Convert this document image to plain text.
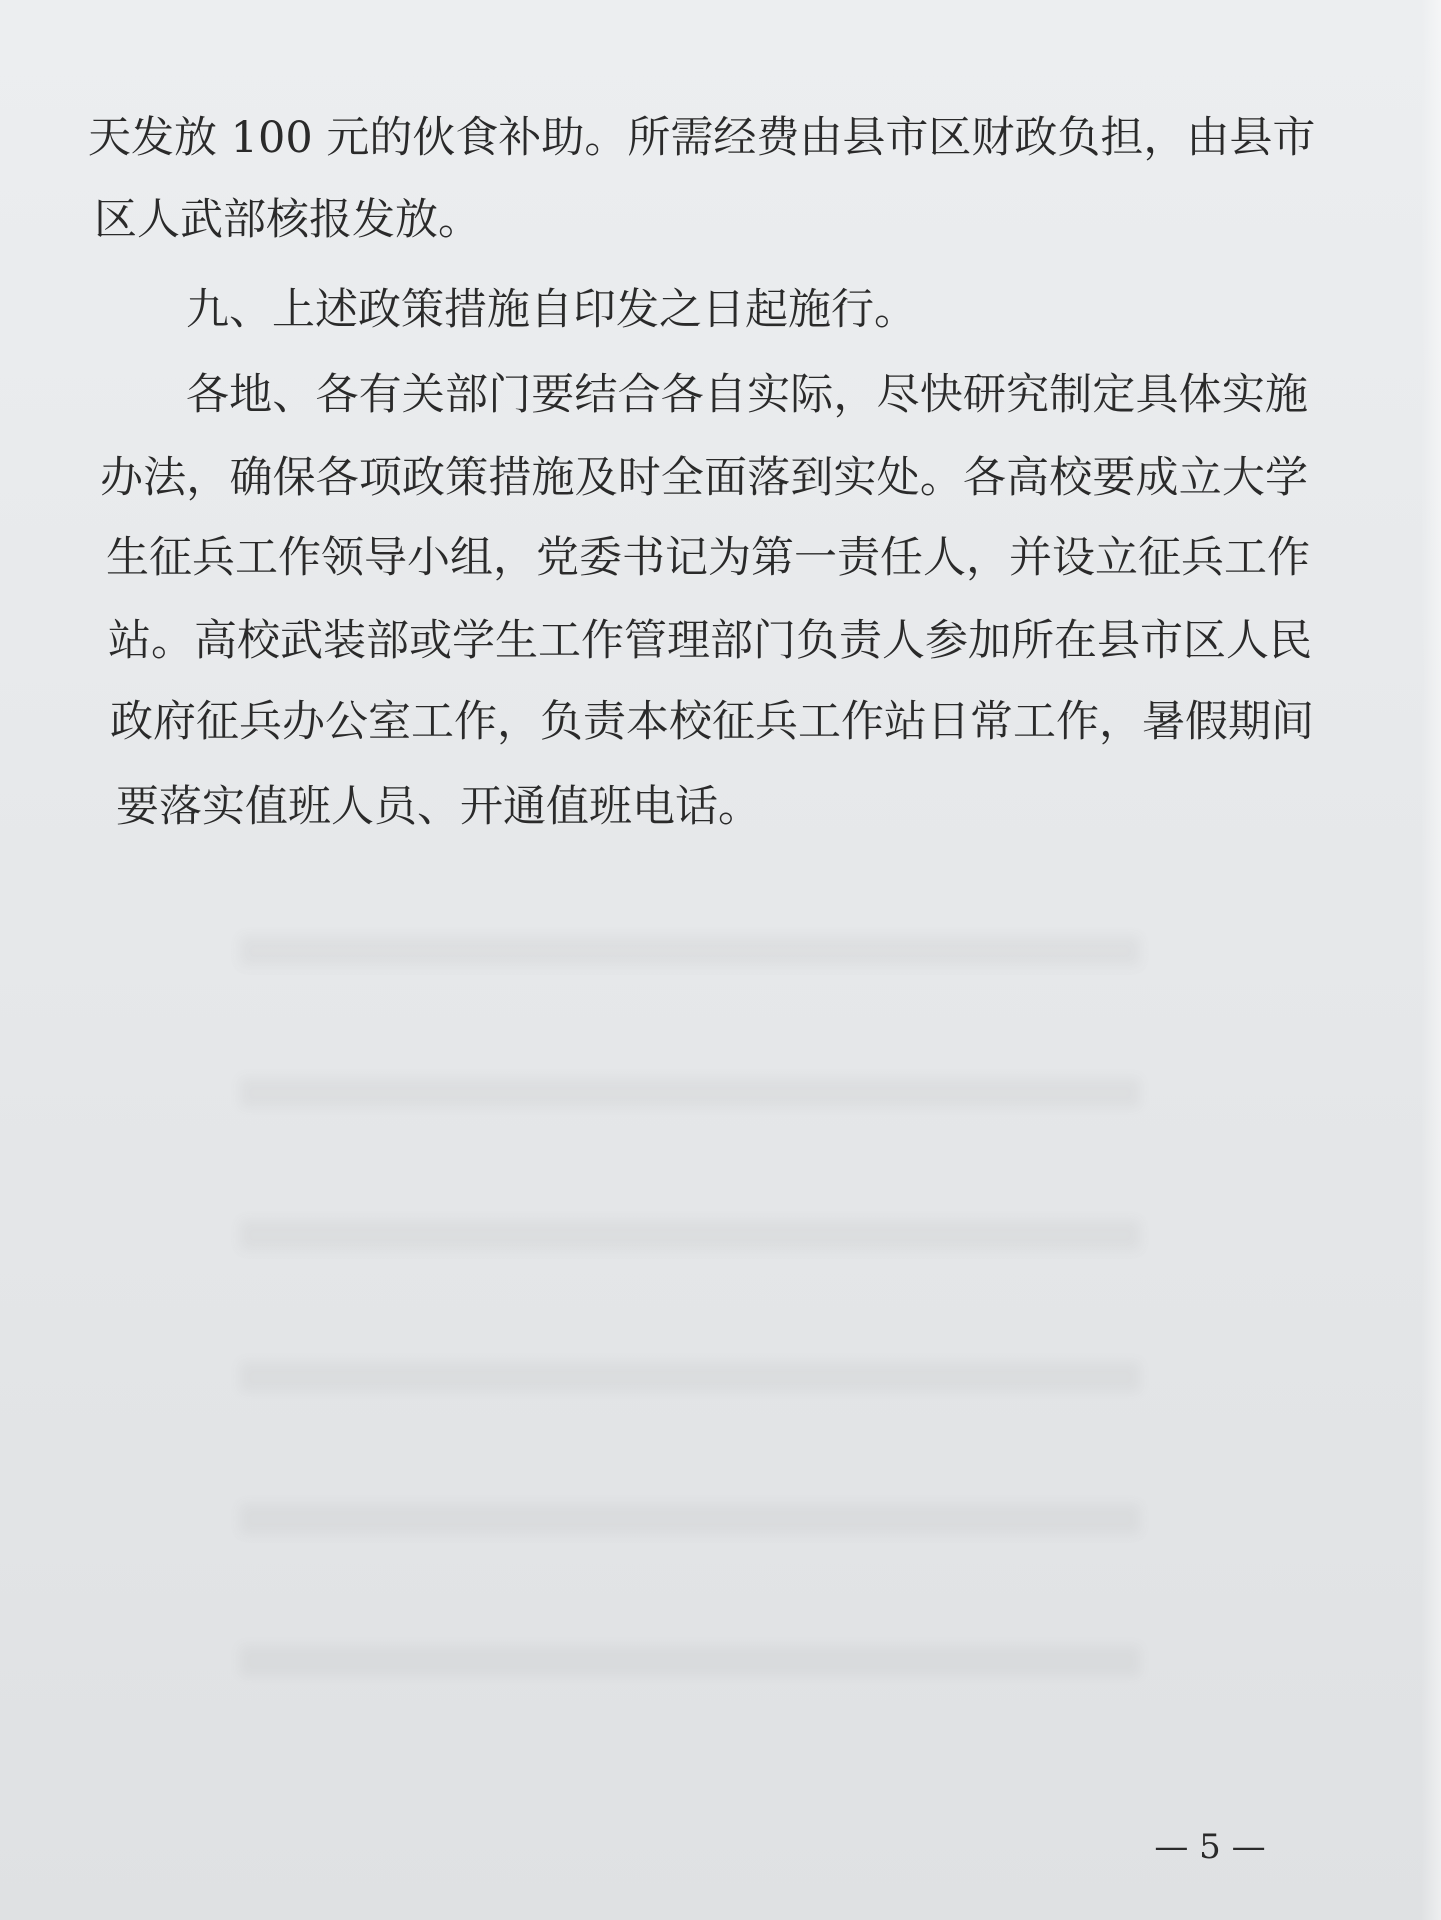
天发放 100 元的伙食补助。所需经费由县市区财政负担，由县市
区人武部核报发放。
九、上述政策措施自印发之日起施行。
各地、各有关部门要结合各自实际，尽快研究制定具体实施
办法，确保各项政策措施及时全面落到实处。各高校要成立大学
生征兵工作领导小组，党委书记为第一责任人，并设立征兵工作
站。高校武装部或学生工作管理部门负责人参加所在县市区人民
政府征兵办公室工作，负责本校征兵工作站日常工作，暑假期间
要落实值班人员、开通值班电话。
— 5 —
